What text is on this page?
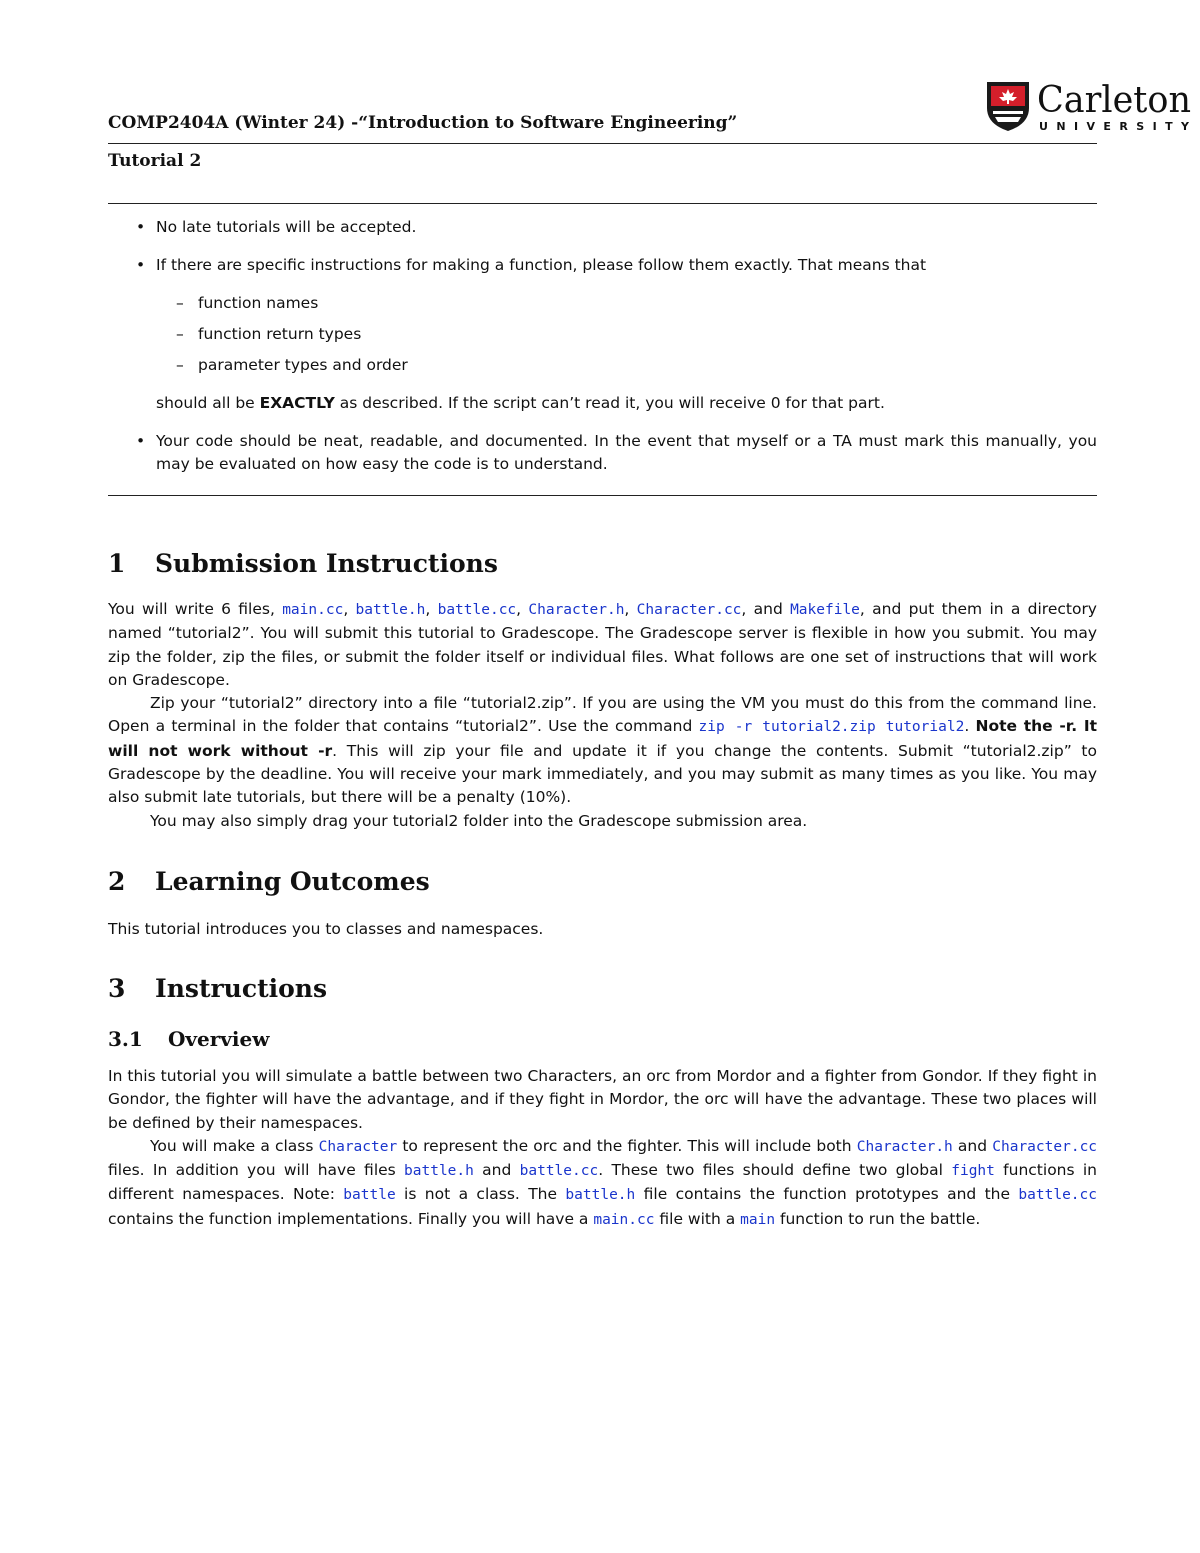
Carleton
UNIVERSITY
COMP2404A (Winter 24) -“Introduction to Software Engineering”
Tutorial 2
• No late tutorials will be accepted.
• If there are specific instructions for making a function, please follow them exactly. That means that
– function names
– function return types
– parameter types and order
should all be EXACTLY as described. If the script can’t read it, you will receive 0 for that part.
• Your code should be neat, readable, and documented. In the event that myself or a TA must mark this manually, you may be evaluated on how easy the code is to understand.
1 Submission Instructions
You will write 6 files, main.cc, battle.h, battle.cc, Character.h, Character.cc, and Makefile, and put them in a directory named “tutorial2”. You will submit this tutorial to Gradescope. The Gradescope server is flexible in how you submit. You may zip the folder, zip the files, or submit the folder itself or individual files. What follows are one set of instructions that will work on Gradescope.
Zip your “tutorial2” directory into a file “tutorial2.zip”. If you are using the VM you must do this from the command line. Open a terminal in the folder that contains “tutorial2”. Use the command zip -r tutorial2.zip tutorial2. Note the -r. It will not work without -r. This will zip your file and update it if you change the contents. Submit “tutorial2.zip” to Gradescope by the deadline. You will receive your mark immediately, and you may submit as many times as you like. You may also submit late tutorials, but there will be a penalty (10%).
You may also simply drag your tutorial2 folder into the Gradescope submission area.
2 Learning Outcomes
This tutorial introduces you to classes and namespaces.
3 Instructions
3.1 Overview
In this tutorial you will simulate a battle between two Characters, an orc from Mordor and a fighter from Gondor. If they fight in Gondor, the fighter will have the advantage, and if they fight in Mordor, the orc will have the advantage. These two places will be defined by their namespaces.
You will make a class Character to represent the orc and the fighter. This will include both Character.h and Character.cc files. In addition you will have files battle.h and battle.cc. These two files should define two global fight functions in different namespaces. Note: battle is not a class. The battle.h file contains the function prototypes and the battle.cc contains the function implementations. Finally you will have a main.cc file with a main function to run the battle.
